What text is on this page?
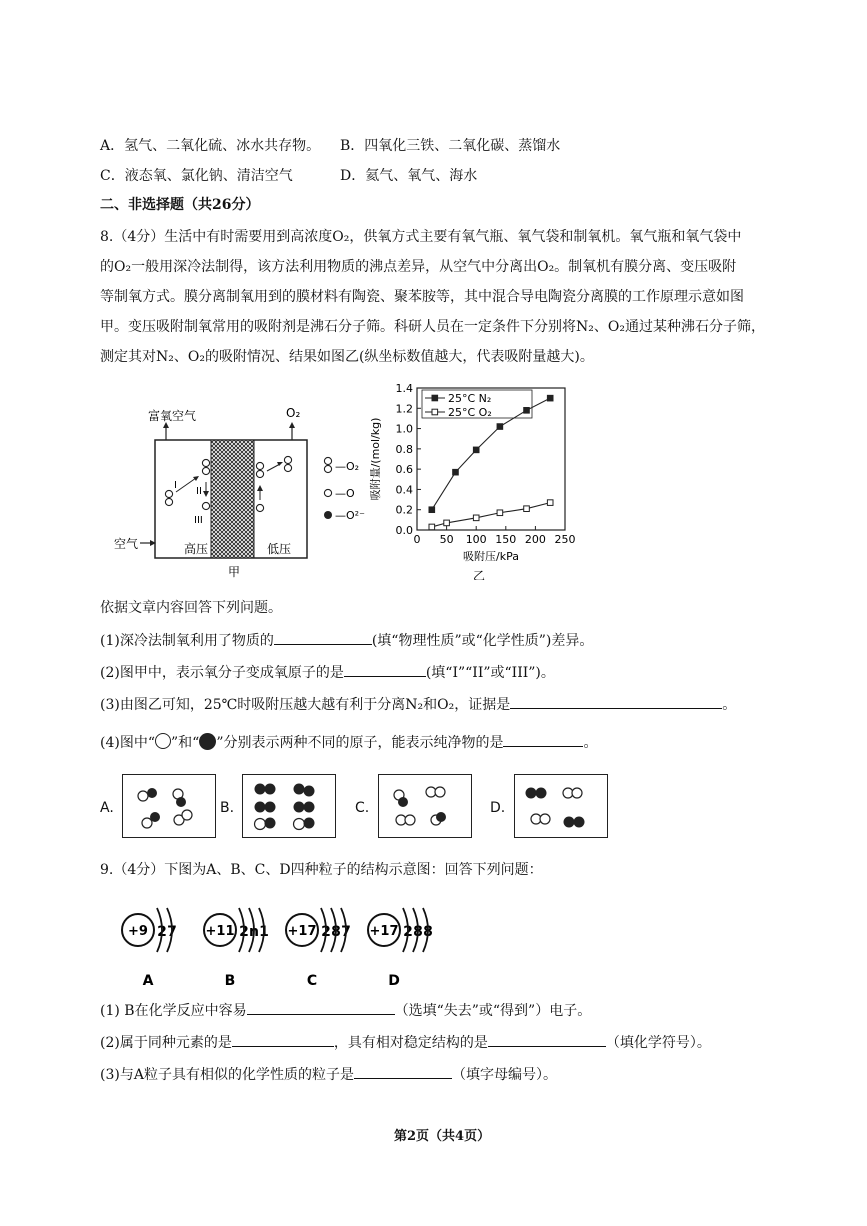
A．氢气、二氧化硫、冰水共存物。 B．四氧化三铁、二氧化碳、蒸馏水
C．液态氧、氯化钠、清洁空气	D．氦气、氧气、海水
二、非选择题（共26分）
8.（4分）生活中有时需要用到高浓度O₂，供氧方式主要有氧气瓶、氧气袋和制氧机。氧气瓶和氧气袋中
的O₂一般用深冷法制得，该方法利用物质的沸点差异，从空气中分离出O₂。制氧机有膜分离、变压吸附
等制氧方式。膜分离制氧用到的膜材料有陶瓷、聚苯胺等，其中混合导电陶瓷分离膜的工作原理示意如图
甲。变压吸附制氧常用的吸附剂是沸石分子筛。科研人员在一定条件下分别将N₂、O₂通过某种沸石分子筛，
测定其对N₂、O₂的吸附情况、结果如图乙(纵坐标数值越大，代表吸附量越大)。
富氧空气	O₂
空气	高压	低压
甲
I
II
III
—O₂
—O
—O²⁻
0 50 100 150 200 250
0.0
0.2
0.4
0.6
0.8
1.0
1.2
1.4
吸附压/kPa
吸附量/(mol/kg)
乙
25°C N₂
25°C O₂
依据文章内容回答下列问题。
(1)深冷法制氧利用了物质的	(填“物理性质”或“化学性质”)差异。
(2)图甲中，表示氧分子变成氧原子的是	(填“I”“II”或“III”)。
(3)由图乙可知，25℃时吸附压越大越有利于分离N₂和O₂，证据是	。
(4)图中“ ”和“ ”分别表示两种不同的原子，能表示纯净物的是	。
A.	B.	C.	D.
9.（4分）下图为A、B、C、D四种粒子的结构示意图：回答下列问题：
+9 2 7
A
+11 2 n 1
B
+17 2 8 7
C
+17 2 8 8
D
(1) B在化学反应中容易	（选填“失去”或“得到”）电子。
(2)属于同种元素的是	，具有相对稳定结构的是	（填化学符号）。
(3)与A粒子具有相似的化学性质的粒子是	（填字母编号）。
第2页（共4页）
